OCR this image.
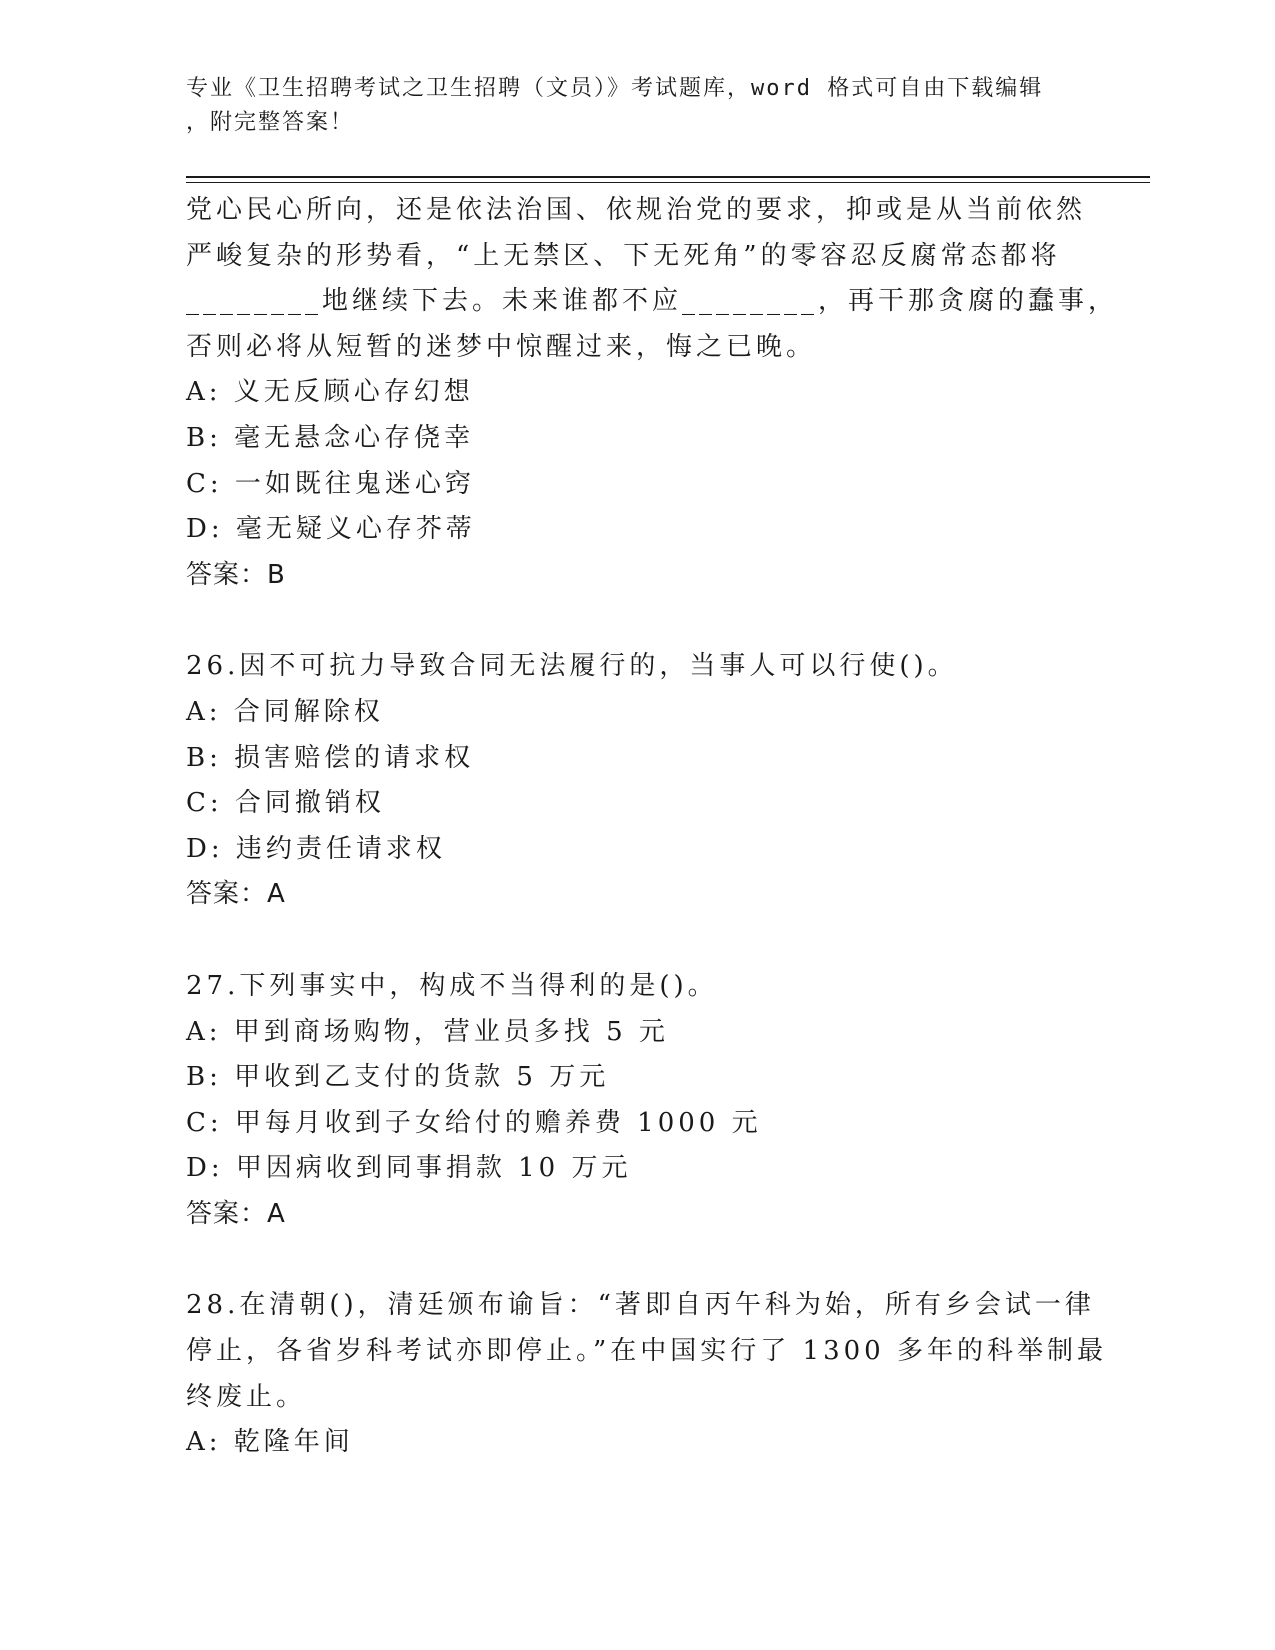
专业《卫生招聘考试之卫生招聘（文员）》考试题库，word 格式可自由下载编辑
，附完整答案！
党心民心所向，还是依法治国、依规治党的要求，抑或是从当前依然
严峻复杂的形势看，“上无禁区、下无死角”的零容忍反腐常态都将
________地继续下去。未来谁都不应________，再干那贪腐的蠢事，
否则必将从短暂的迷梦中惊醒过来，悔之已晚。
A: 义无反顾心存幻想
B: 毫无悬念心存侥幸
C: 一如既往鬼迷心窍
D: 毫无疑义心存芥蒂
答案：B
26.因不可抗力导致合同无法履行的，当事人可以行使()。
A: 合同解除权
B: 损害赔偿的请求权
C: 合同撤销权
D: 违约责任请求权
答案：A
27.下列事实中，构成不当得利的是()。
A: 甲到商场购物，营业员多找 5 元
B: 甲收到乙支付的货款 5 万元
C: 甲每月收到子女给付的赡养费 1000 元
D: 甲因病收到同事捐款 10 万元
答案：A
28.在清朝()，清廷颁布谕旨：“著即自丙午科为始，所有乡会试一律
停止，各省岁科考试亦即停止。”在中国实行了 1300 多年的科举制最
终废止。
A: 乾隆年间
